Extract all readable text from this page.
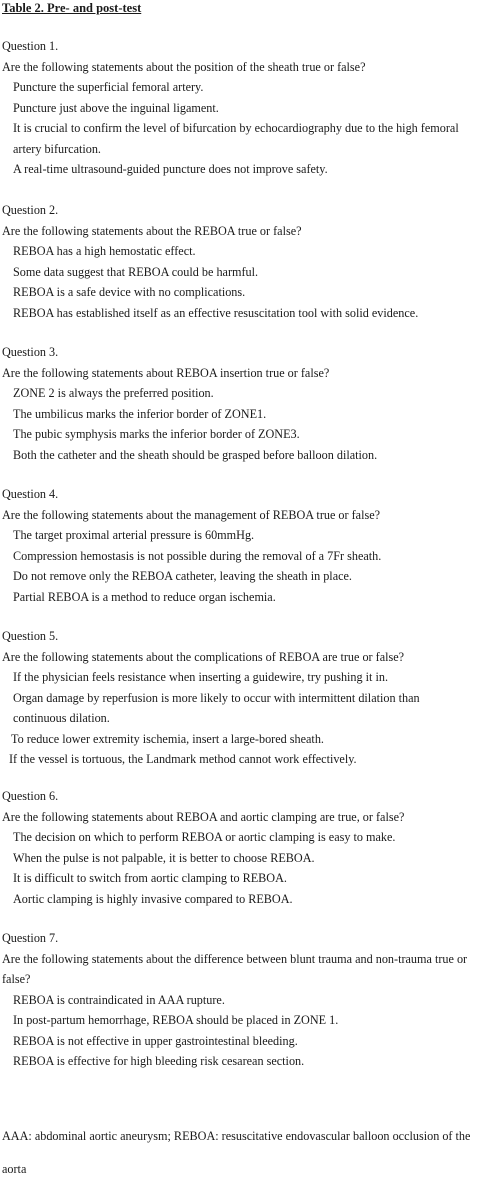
Table 2. Pre- and post-test
Question 1.
Are the following statements about the position of the sheath true or false?
Puncture the superficial femoral artery.
Puncture just above the inguinal ligament.
It is crucial to confirm the level of bifurcation by echocardiography due to the high femoral artery bifurcation.
A real-time ultrasound-guided puncture does not improve safety.
Question 2.
Are the following statements about the REBOA true or false?
REBOA has a high hemostatic effect.
Some data suggest that REBOA could be harmful.
REBOA is a safe device with no complications.
REBOA has established itself as an effective resuscitation tool with solid evidence.
Question 3.
Are the following statements about REBOA insertion true or false?
ZONE 2 is always the preferred position.
The umbilicus marks the inferior border of ZONE1.
The pubic symphysis marks the inferior border of ZONE3.
Both the catheter and the sheath should be grasped before balloon dilation.
Question 4.
Are the following statements about the management of REBOA true or false?
The target proximal arterial pressure is 60mmHg.
Compression hemostasis is not possible during the removal of a 7Fr sheath.
Do not remove only the REBOA catheter, leaving the sheath in place.
Partial REBOA is a method to reduce organ ischemia.
Question 5.
Are the following statements about the complications of REBOA are true or false?
If the physician feels resistance when inserting a guidewire, try pushing it in.
Organ damage by reperfusion is more likely to occur with intermittent dilation than continuous dilation.
To reduce lower extremity ischemia, insert a large-bored sheath.
If the vessel is tortuous, the Landmark method cannot work effectively.
Question 6.
Are the following statements about REBOA and aortic clamping are true, or false?
The decision on which to perform REBOA or aortic clamping is easy to make.
When the pulse is not palpable, it is better to choose REBOA.
It is difficult to switch from aortic clamping to REBOA.
Aortic clamping is highly invasive compared to REBOA.
Question 7.
Are the following statements about the difference between blunt trauma and non-trauma true or false?
REBOA is contraindicated in AAA rupture.
In post-partum hemorrhage, REBOA should be placed in ZONE 1.
REBOA is not effective in upper gastrointestinal bleeding.
REBOA is effective for high bleeding risk cesarean section.
AAA: abdominal aortic aneurysm; REBOA: resuscitative endovascular balloon occlusion of the aorta
